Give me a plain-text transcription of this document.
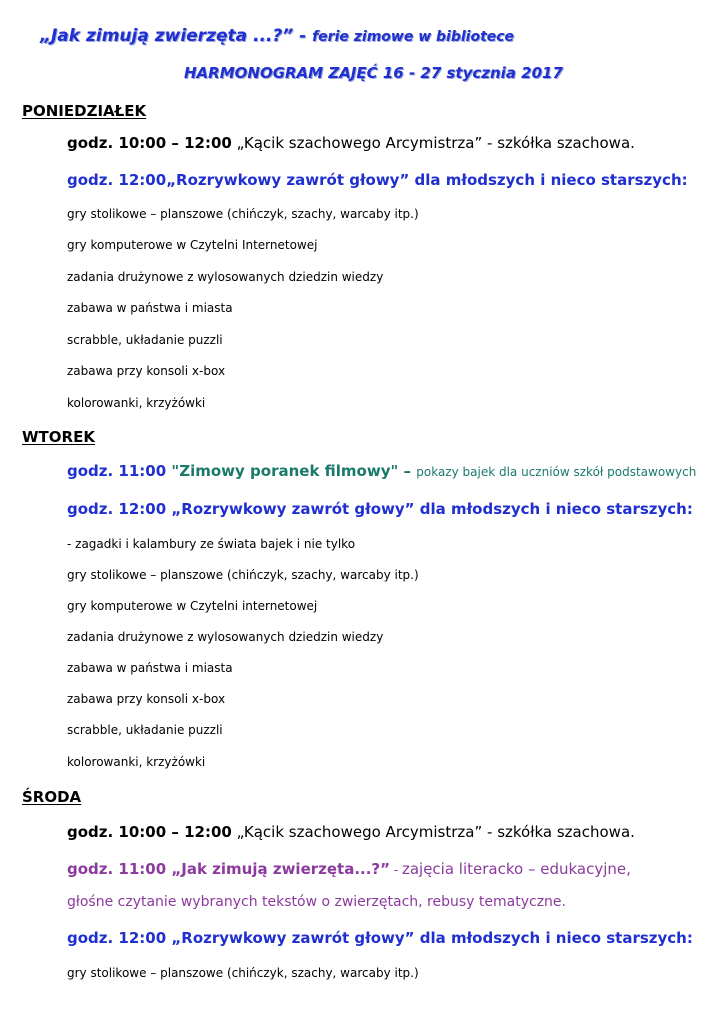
„Jak zimują zwierzęta ...?” - ferie zimowe w bibliotece
HARMONOGRAM ZAJĘĆ 16 - 27 stycznia 2017
PONIEDZIAŁEK
godz. 10:00 – 12:00 „Kącik szachowego Arcymistrza” - szkółka szachowa.
godz. 12:00„Rozrywkowy zawrót głowy” dla młodszych i nieco starszych:
gry stolikowe – planszowe (chińczyk, szachy, warcaby itp.)
gry komputerowe w Czytelni Internetowej
zadania drużynowe z wylosowanych dziedzin wiedzy
zabawa w państwa i miasta
scrabble, układanie puzzli
zabawa przy konsoli x-box
kolorowanki, krzyżówki
WTOREK
godz. 11:00 "Zimowy poranek filmowy" – pokazy bajek dla uczniów szkół podstawowych
godz. 12:00 „Rozrywkowy zawrót głowy” dla młodszych i nieco starszych:
- zagadki i kalambury ze świata bajek i nie tylko
gry stolikowe – planszowe (chińczyk, szachy, warcaby itp.)
gry komputerowe w Czytelni internetowej
zadania drużynowe z wylosowanych dziedzin wiedzy
zabawa w państwa i miasta
zabawa przy konsoli x-box
scrabble, układanie puzzli
kolorowanki, krzyżówki
ŚRODA
godz. 10:00 – 12:00 „Kącik szachowego Arcymistrza” - szkółka szachowa.
godz. 11:00 „Jak zimują zwierzęta...?” - zajęcia literacko – edukacyjne,
głośne czytanie wybranych tekstów o zwierzętach, rebusy tematyczne.
godz. 12:00 „Rozrywkowy zawrót głowy” dla młodszych i nieco starszych:
gry stolikowe – planszowe (chińczyk, szachy, warcaby itp.)
